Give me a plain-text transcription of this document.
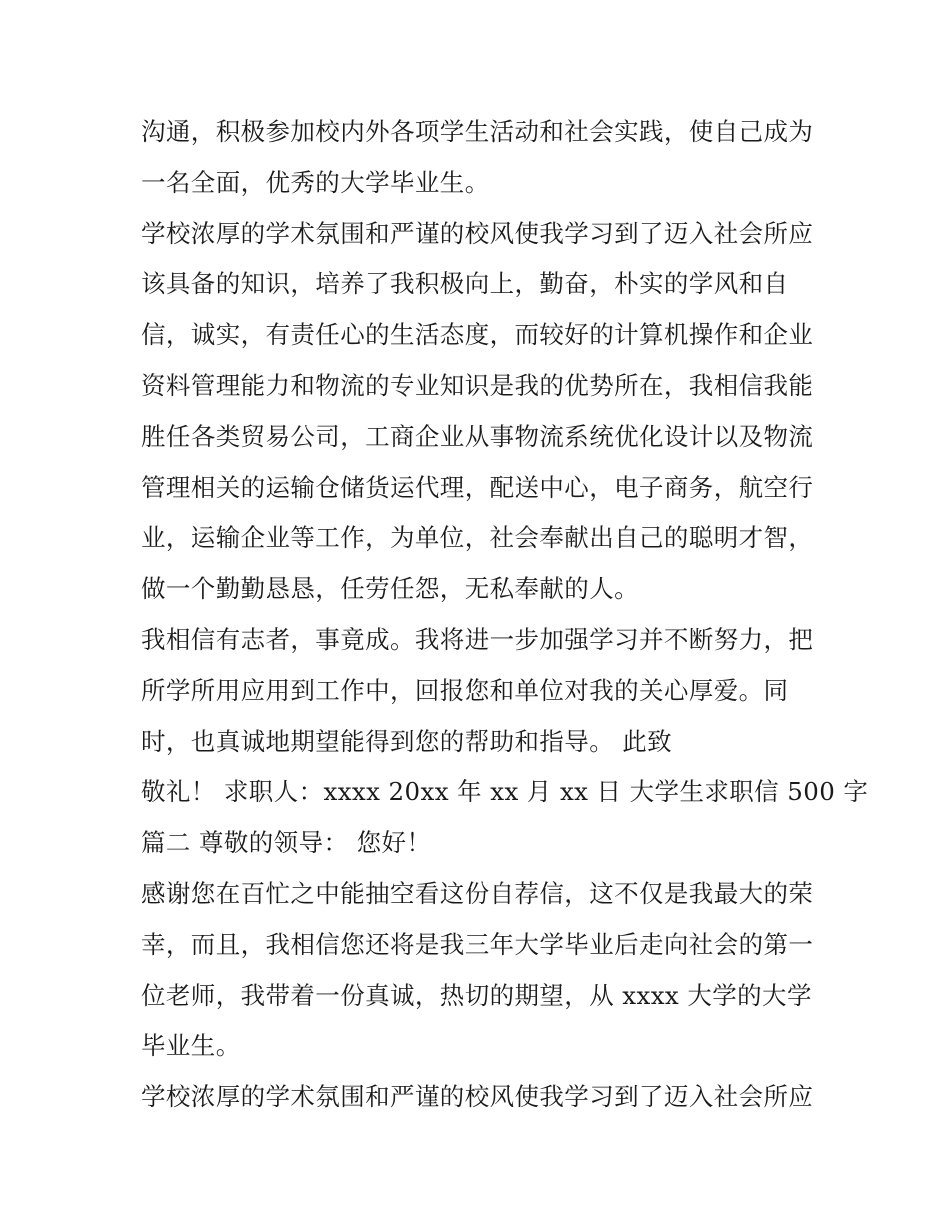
沟通，积极参加校内外各项学生活动和社会实践，使自己成为
一名全面，优秀的大学毕业生。
学校浓厚的学术氛围和严谨的校风使我学习到了迈入社会所应
该具备的知识，培养了我积极向上，勤奋，朴实的学风和自
信，诚实，有责任心的生活态度，而较好的计算机操作和企业
资料管理能力和物流的专业知识是我的优势所在，我相信我能
胜任各类贸易公司，工商企业从事物流系统优化设计以及物流
管理相关的运输仓储货运代理，配送中心，电子商务，航空行
业，运输企业等工作，为单位，社会奉献出自己的聪明才智，
做一个勤勤恳恳，任劳任怨，无私奉献的人。
我相信有志者，事竟成。我将进一步加强学习并不断努力，把
所学所用应用到工作中，回报您和单位对我的关心厚爱。同
时，也真诚地期望能得到您的帮助和指导。 此致
敬礼！ 求职人：xxxx 20xx 年 xx 月 xx 日 大学生求职信 500 字
篇二 尊敬的领导： 您好！
感谢您在百忙之中能抽空看这份自荐信，这不仅是我最大的荣
幸，而且，我相信您还将是我三年大学毕业后走向社会的第一
位老师，我带着一份真诚，热切的期望，从 xxxx 大学的大学
毕业生。
学校浓厚的学术氛围和严谨的校风使我学习到了迈入社会所应
